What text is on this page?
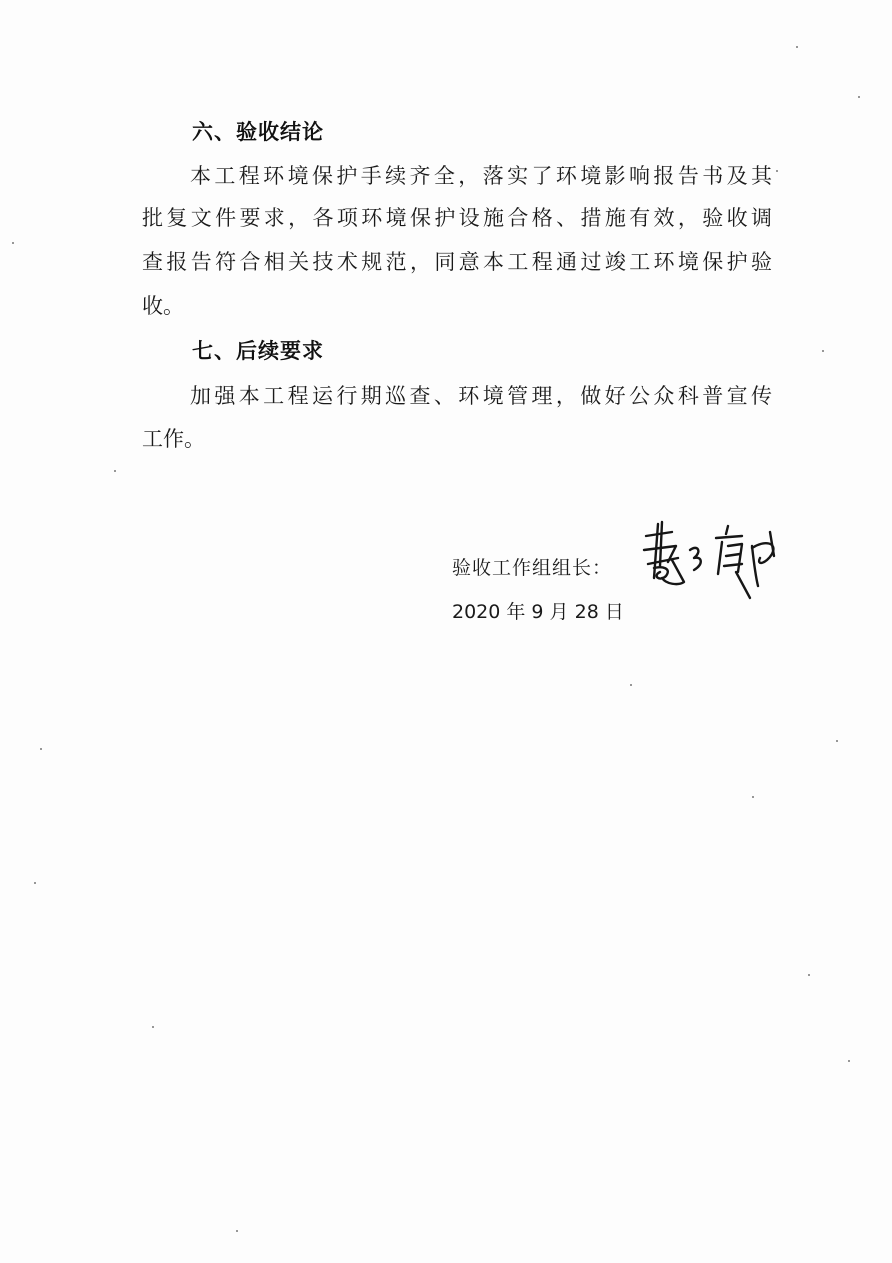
六、验收结论
本工程环境保护手续齐全，落实了环境影响报告书及其
批复文件要求，各项环境保护设施合格、措施有效，验收调
查报告符合相关技术规范，同意本工程通过竣工环境保护验
收。
七、后续要求
加强本工程运行期巡查、环境管理，做好公众科普宣传
工作。
验收工作组组长：
2020 年 9 月 28 日
